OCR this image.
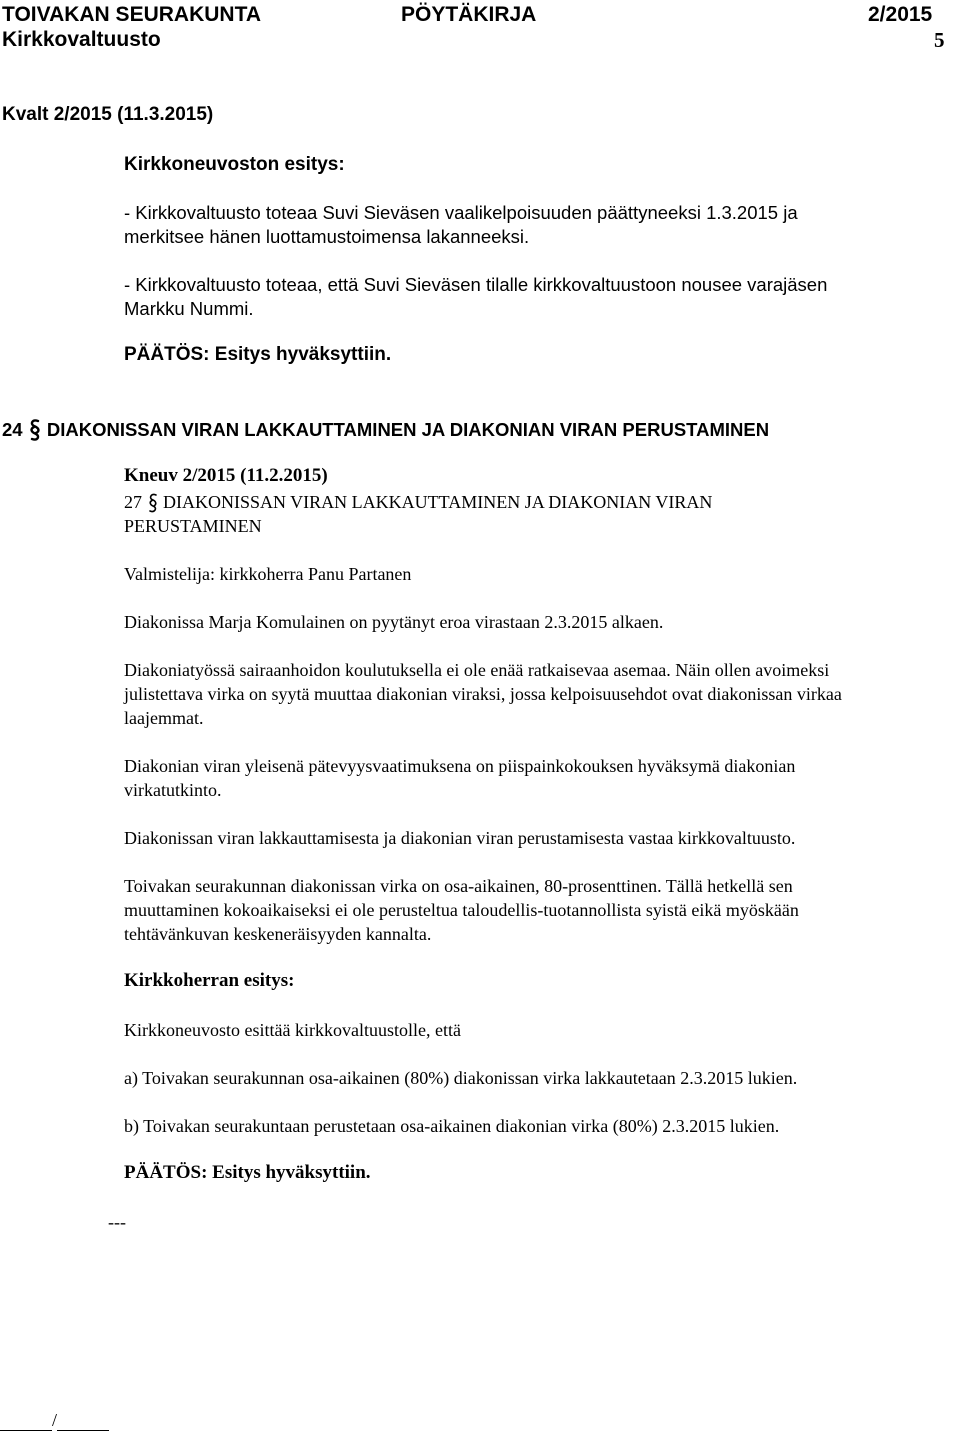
TOIVAKAN SEURAKUNTA	PÖYTÄKIRJA	2/2015
Kirkkovaltuusto	5
Kvalt 2/2015 (11.3.2015)
Kirkkoneuvoston esitys:
- Kirkkovaltuusto toteaa Suvi Sieväsen vaalikelpoisuuden päättyneeksi 1.3.2015 ja
merkitsee hänen luottamustoimensa lakanneeksi.
- Kirkkovaltuusto toteaa, että Suvi Sieväsen tilalle kirkkovaltuustoon nousee varajäsen
Markku Nummi.
PÄÄTÖS: Esitys hyväksyttiin.
24 DIAKONISSAN VIRAN LAKKAUTTAMINEN JA DIAKONIAN VIRAN PERUSTAMINEN
Kneuv 2/2015 (11.2.2015)
27 DIAKONISSAN VIRAN LAKKAUTTAMINEN JA DIAKONIAN VIRAN
PERUSTAMINEN
Valmistelija: kirkkoherra Panu Partanen
Diakonissa Marja Komulainen on pyytänyt eroa virastaan 2.3.2015 alkaen.
Diakoniatyössä sairaanhoidon koulutuksella ei ole enää ratkaisevaa asemaa. Näin ollen avoimeksi
julistettava virka on syytä muuttaa diakonian viraksi, jossa kelpoisuusehdot ovat diakonissan virkaa
laajemmat.
Diakonian viran yleisenä pätevyysvaatimuksena on piispainkokouksen hyväksymä diakonian
virkatutkinto.
Diakonissan viran lakkauttamisesta ja diakonian viran perustamisesta vastaa kirkkovaltuusto.
Toivakan seurakunnan diakonissan virka on osa-aikainen, 80-prosenttinen. Tällä hetkellä sen
muuttaminen kokoaikaiseksi ei ole perusteltua taloudellis-tuotannollista syistä eikä myöskään
tehtävänkuvan keskeneräisyyden kannalta.
Kirkkoherran esitys:
Kirkkoneuvosto esittää kirkkovaltuustolle, että
a) Toivakan seurakunnan osa-aikainen (80%) diakonissan virka lakkautetaan 2.3.2015 lukien.
b) Toivakan seurakuntaan perustetaan osa-aikainen diakonian virka (80%) 2.3.2015 lukien.
PÄÄTÖS: Esitys hyväksyttiin.
---
/
